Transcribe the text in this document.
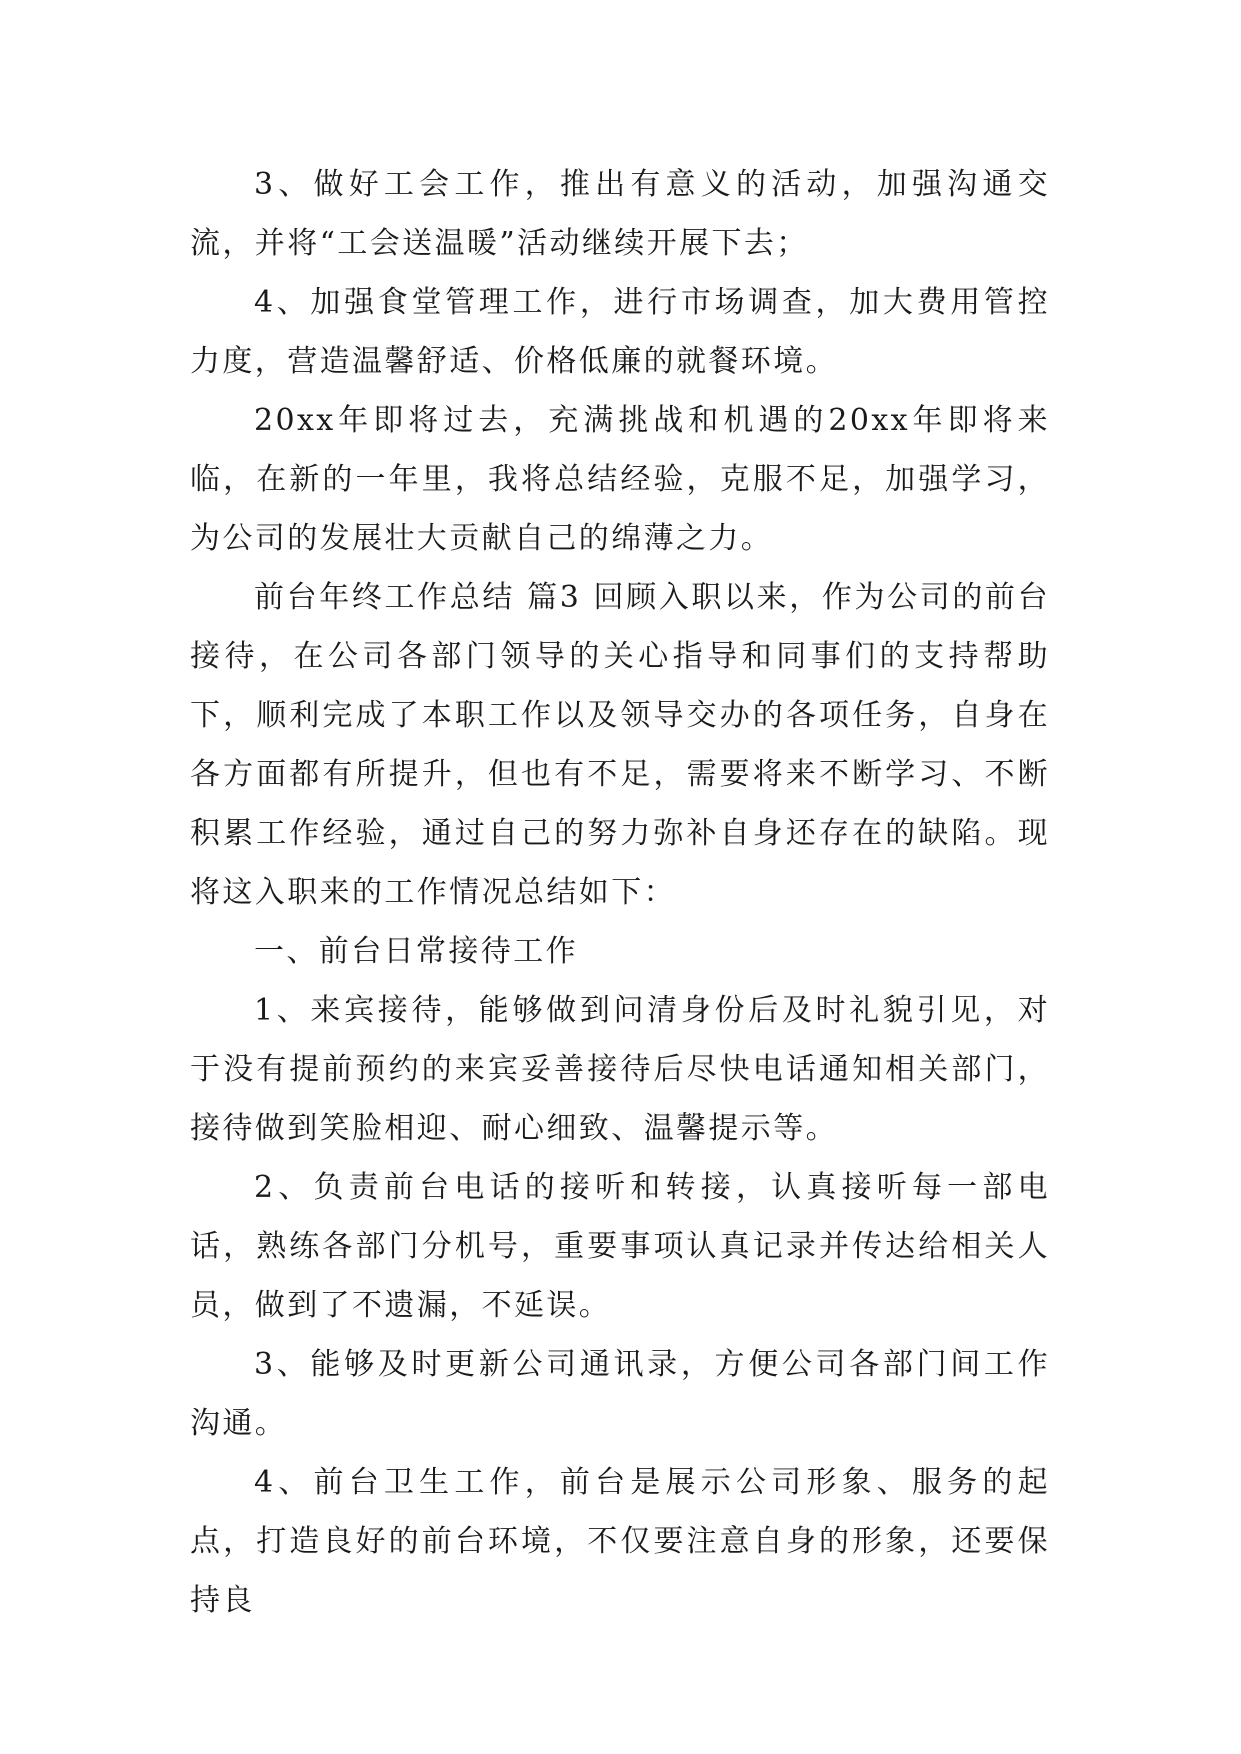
3、做好工会工作，推出有意义的活动，加强沟通交流，并将“工会送温暖”活动继续开展下去；

4、加强食堂管理工作，进行市场调查，加大费用管控力度，营造温馨舒适、价格低廉的就餐环境。

20xx年即将过去，充满挑战和机遇的20xx年即将来临，在新的一年里，我将总结经验，克服不足，加强学习，为公司的发展壮大贡献自己的绵薄之力。

前台年终工作总结 篇3 回顾入职以来，作为公司的前台接待，在公司各部门领导的关心指导和同事们的支持帮助下，顺利完成了本职工作以及领导交办的各项任务，自身在各方面都有所提升，但也有不足，需要将来不断学习、不断积累工作经验，通过自己的努力弥补自身还存在的缺陷。现将这入职来的工作情况总结如下：

一、前台日常接待工作

1、来宾接待，能够做到问清身份后及时礼貌引见，对于没有提前预约的来宾妥善接待后尽快电话通知相关部门，接待做到笑脸相迎、耐心细致、温馨提示等。

2、负责前台电话的接听和转接，认真接听每一部电话，熟练各部门分机号，重要事项认真记录并传达给相关人员，做到了不遗漏，不延误。

3、能够及时更新公司通讯录，方便公司各部门间工作沟通。

4、前台卫生工作，前台是展示公司形象、服务的起点，打造良好的前台环境，不仅要注意自身的形象，还要保持良
